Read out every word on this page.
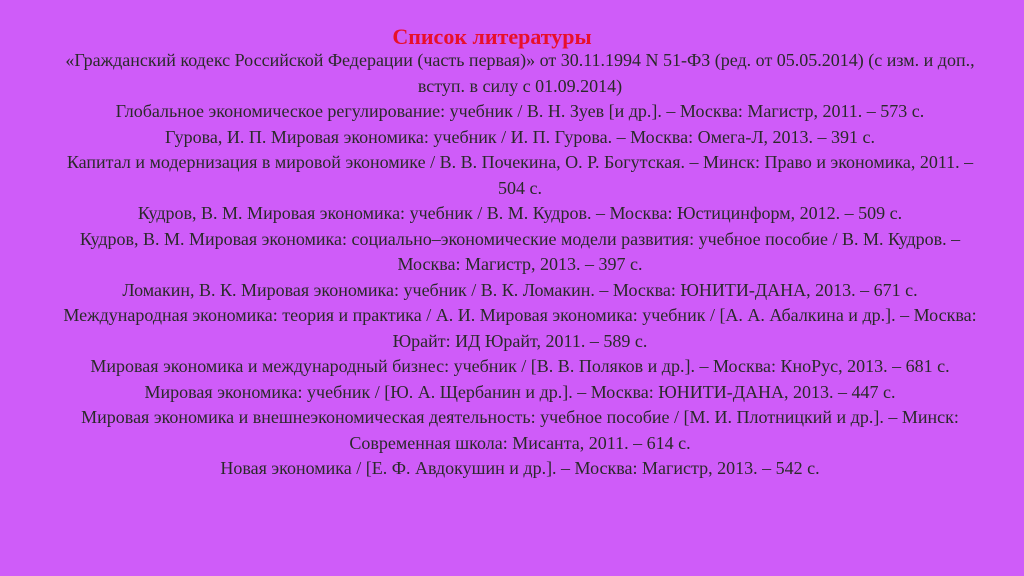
Список литературы
«Гражданский кодекс Российской Федерации (часть первая)» от 30.11.1994 N 51-ФЗ (ред. от 05.05.2014) (с изм. и доп., вступ. в силу с 01.09.2014)
Глобальное экономическое регулирование: учебник / В. Н. Зуев [и др.]. – Москва: Магистр, 2011. – 573 с.
Гурова, И. П. Мировая экономика: учебник / И. П. Гурова. – Москва: Омега-Л, 2013. – 391 с.
Капитал и модернизация в мировой экономике / В. В. Почекина, О. Р. Богутская. – Минск: Право и экономика, 2011. – 504 с.
Кудров, В. М. Мировая экономика: учебник / В. М. Кудров. – Москва: Юстицинформ, 2012. – 509 с.
Кудров, В. М. Мировая экономика: социально–экономические модели развития: учебное пособие / В. М. Кудров. – Москва: Магистр, 2013. – 397 с.
Ломакин, В. К. Мировая экономика: учебник / В. К. Ломакин. – Москва: ЮНИТИ-ДАНА, 2013. – 671 с.
Международная экономика: теория и практика / А. И. Мировая экономика: учебник / [А. А. Абалкина и др.]. – Москва: Юрайт: ИД Юрайт, 2011. – 589 с.
Мировая экономика и международный бизнес: учебник / [В. В. Поляков и др.]. – Москва: КноРус, 2013. – 681 с.
Мировая экономика: учебник / [Ю. А. Щербанин и др.]. – Москва: ЮНИТИ-ДАНА, 2013. – 447 с.
Мировая экономика и внешнеэкономическая деятельность: учебное пособие / [М. И. Плотницкий и др.]. – Минск: Современная школа: Мисанта, 2011. – 614 с.
Новая экономика / [Е. Ф. Авдокушин и др.]. – Москва: Магистр, 2013. – 542 с.
